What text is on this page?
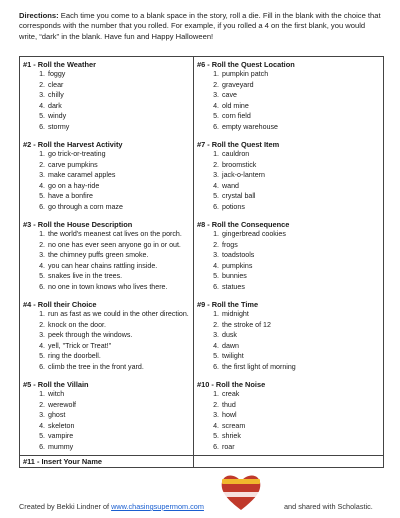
Directions: Each time you come to a blank space in the story, roll a die. Fill in the blank with the choice that corresponds with the number that you rolled. For example, if you rolled a 4 on the first blank, you would write, “dark” in the blank. Have fun and Happy Halloween!
#1 - Roll the Weather
1. foggy
2. clear
3. chilly
4. dark
5. windy
6. stormy
#2 - Roll the Harvest Activity
1. go trick-or-treating
2. carve pumpkins
3. make caramel apples
4. go on a hay-ride
5. have a bonfire
6. go through a corn maze
#3 - Roll the House Description
1. the world's meanest cat lives on the porch.
2. no one has ever seen anyone go in or out.
3. the chimney puffs green smoke.
4. you can hear chains rattling inside.
5. snakes live in the trees.
6. no one in town knows who lives there.
#4 - Roll their Choice
1. run as fast as we could in the other direction.
2. knock on the door.
3. peek through the windows.
4. yell, "Trick or Treat!"
5. ring the doorbell.
6. climb the tree in the front yard.
#5 - Roll the Villain
1. witch
2. werewolf
3. ghost
4. skeleton
5. vampire
6. mummy
#6 - Roll the Quest Location
1. pumpkin patch
2. graveyard
3. cave
4. old mine
5. corn field
6. empty warehouse
#7 - Roll the Quest Item
1. cauldron
2. broomstick
3. jack-o-lantern
4. wand
5. crystal ball
6. potions
#8 - Roll the Consequence
1. gingerbread cookies
2. frogs
3. toadstools
4. pumpkins
5. bunnies
6. statues
#9 - Roll the Time
1. midnight
2. the stroke of 12
3. dusk
4. dawn
5. twilight
6. the first light of morning
#10 - Roll the Noise
1. creak
2. thud
3. howl
4. scream
5. shriek
6. roar
#11 - Insert Your Name
Created by Bekki Lindner of www.chasingsupermom.com	and shared with Scholastic.
